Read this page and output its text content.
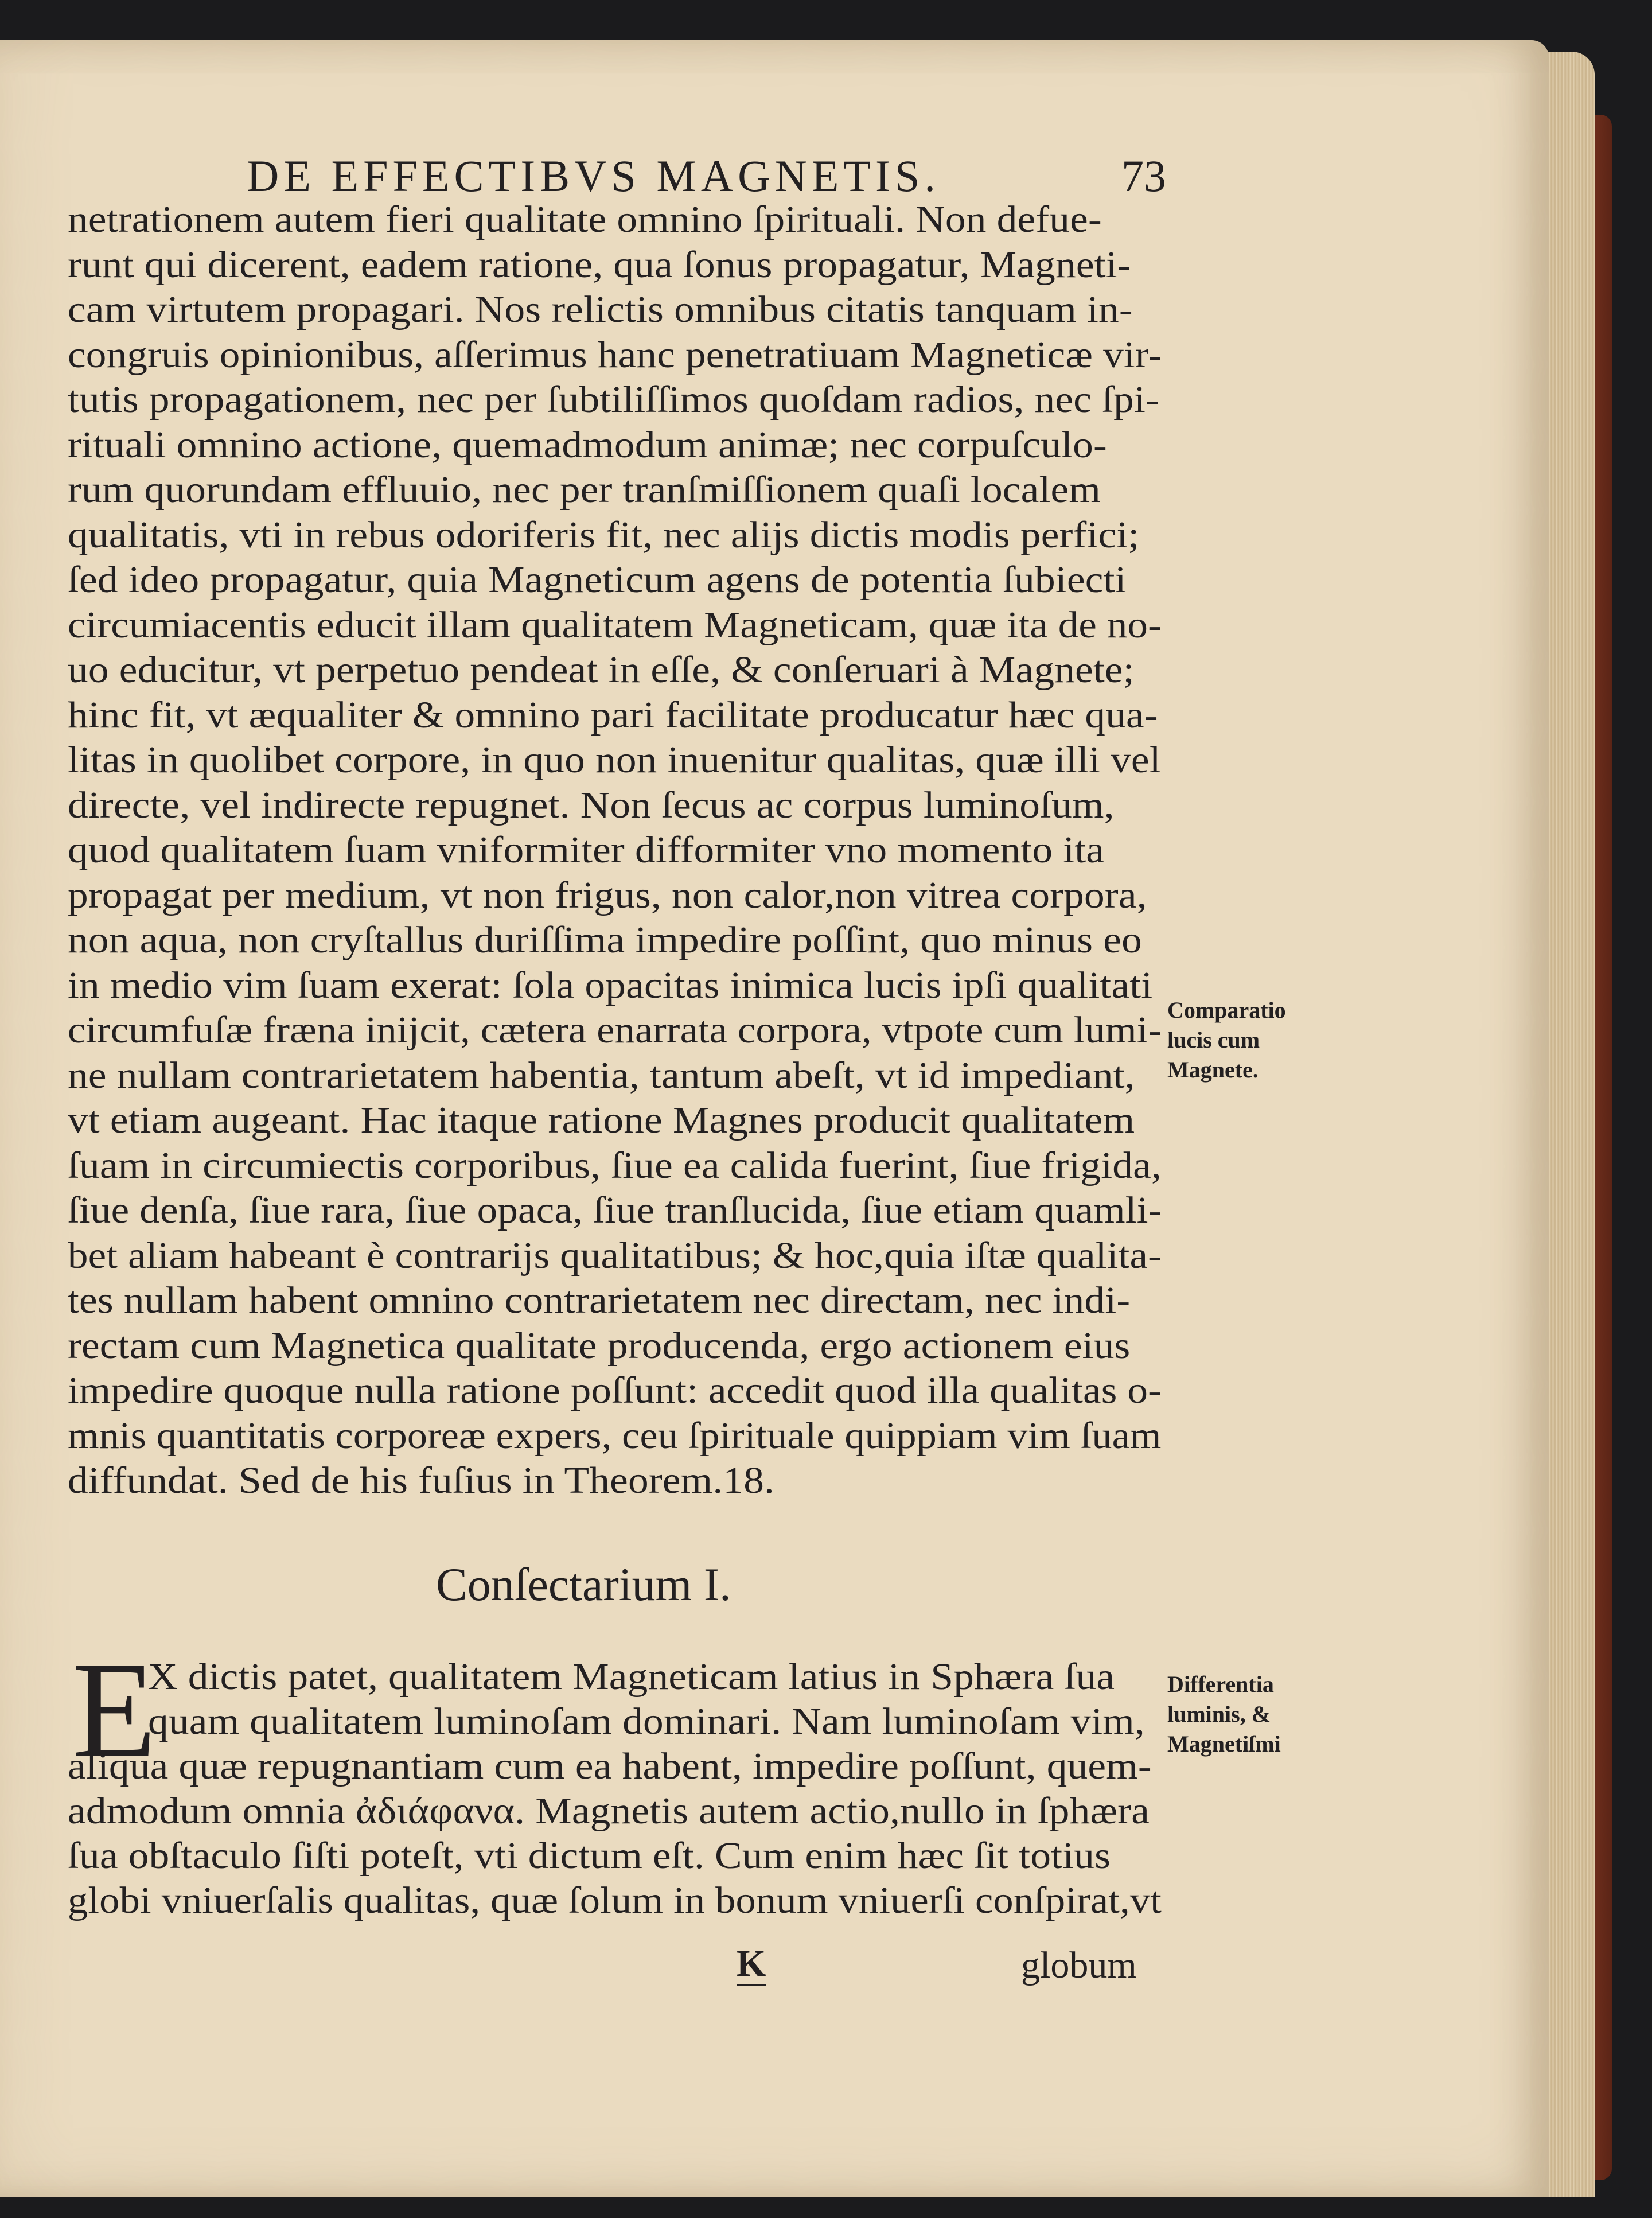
DE EFFECTIBVS MAGNETIS.	73
netrationem autem fieri qualitate omnino ſpirituali. Non defue-
runt qui dicerent, eadem ratione, qua ſonus propagatur, Magneti-
cam virtutem propagari. Nos relictis omnibus citatis tanquam in-
congruis opinionibus, aſſerimus hanc penetratiuam Magneticæ vir-
tutis propagationem, nec per ſubtiliſſimos quoſdam radios, nec ſpi-
rituali omnino actione, quemadmodum animæ; nec corpuſculo-
rum quorundam effluuio, nec per tranſmiſſionem quaſi localem
qualitatis, vti in rebus odoriferis fit, nec alijs dictis modis perfici;
ſed ideo propagatur, quia Magneticum agens de potentia ſubiecti
circumiacentis educit illam qualitatem Magneticam, quæ ita de no-
uo educitur, vt perpetuo pendeat in eſſe, & conſeruari à Magnete;
hinc fit, vt æqualiter & omnino pari facilitate producatur hæc qua-
litas in quolibet corpore, in quo non inuenitur qualitas, quæ illi vel
directe, vel indirecte repugnet. Non ſecus ac corpus luminoſum,
quod qualitatem ſuam vniformiter difformiter vno momento ita
propagat per medium, vt non frigus, non calor,non vitrea corpora,
non aqua, non cryſtallus duriſſima impedire poſſint, quo minus eo
in medio vim ſuam exerat: ſola opacitas inimica lucis ipſi qualitati
circumfuſæ fræna inijcit, cætera enarrata corpora, vtpote cum lumi-
ne nullam contrarietatem habentia, tantum abeſt, vt id impediant,
vt etiam augeant. Hac itaque ratione Magnes producit qualitatem
ſuam in circumiectis corporibus, ſiue ea calida fuerint, ſiue frigida,
ſiue denſa, ſiue rara, ſiue opaca, ſiue tranſlucida, ſiue etiam quamli-
bet aliam habeant è contrarijs qualitatibus; & hoc,quia iſtæ qualita-
tes nullam habent omnino contrarietatem nec directam, nec indi-
rectam cum Magnetica qualitate producenda, ergo actionem eius
impedire quoque nulla ratione poſſunt: accedit quod illa qualitas o-
mnis quantitatis corporeæ expers, ceu ſpirituale quippiam vim ſuam
diffundat. Sed de his fuſius in Theorem.18.
Conſectarium I.
E
X dictis patet, qualitatem Magneticam latius in Sphæra ſua
quam qualitatem luminoſam dominari. Nam luminoſam vim,
aliqua quæ repugnantiam cum ea habent, impedire poſſunt, quem-
admodum omnia ἀδιάφανα. Magnetis autem actio,nullo in ſphæra
ſua obſtaculo ſiſti poteſt, vti dictum eſt. Cum enim hæc ſit totius
globi vniuerſalis qualitas, quæ ſolum in bonum vniuerſi conſpirat,vt
Comparatio
lucis cum
Magnete.
Differentia
luminis, &
Magnetiſmi
K	globum
